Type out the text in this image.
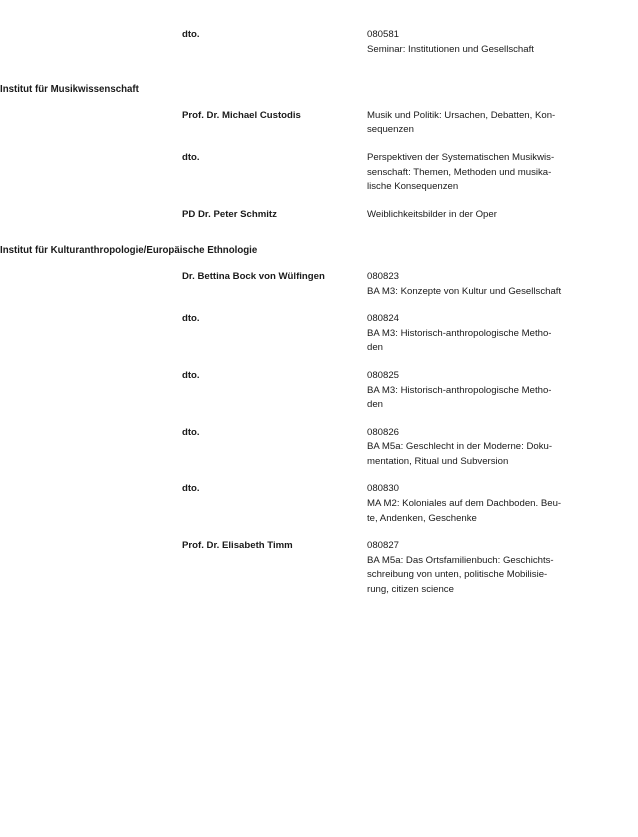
	dto.	080581
Seminar: Institutionen und Gesellschaft

Institut für Musikwissenschaft		
	Prof. Dr. Michael Custodis	Musik und Politik: Ursachen, Debatten, Kon-
sequenzen

	dto.	Perspektiven der Systematischen Musikwis-
senschaft: Themen, Methoden und musika-
lische Konsequenzen

	PD Dr. Peter Schmitz	Weiblichkeitsbilder in der Oper

Institut für Kulturanthropologie/Europäische Ethnologie		
	Dr. Bettina Bock von Wülfingen	080823
BA M3: Konzepte von Kultur und Gesellschaft

	dto.	080824
BA M3: Historisch-anthropologische Metho-
den

	dto.	080825
BA M3: Historisch-anthropologische Metho-
den

	dto.	080826
BA M5a: Geschlecht in der Moderne: Doku-
mentation, Ritual und Subversion

	dto.	080830
MA M2: Koloniales auf dem Dachboden. Beu-
te, Andenken, Geschenke

	Prof. Dr. Elisabeth Timm	080827
BA M5a: Das Ortsfamilienbuch: Geschichts-
schreibung von unten, politische Mobilisie-
rung, citizen science
